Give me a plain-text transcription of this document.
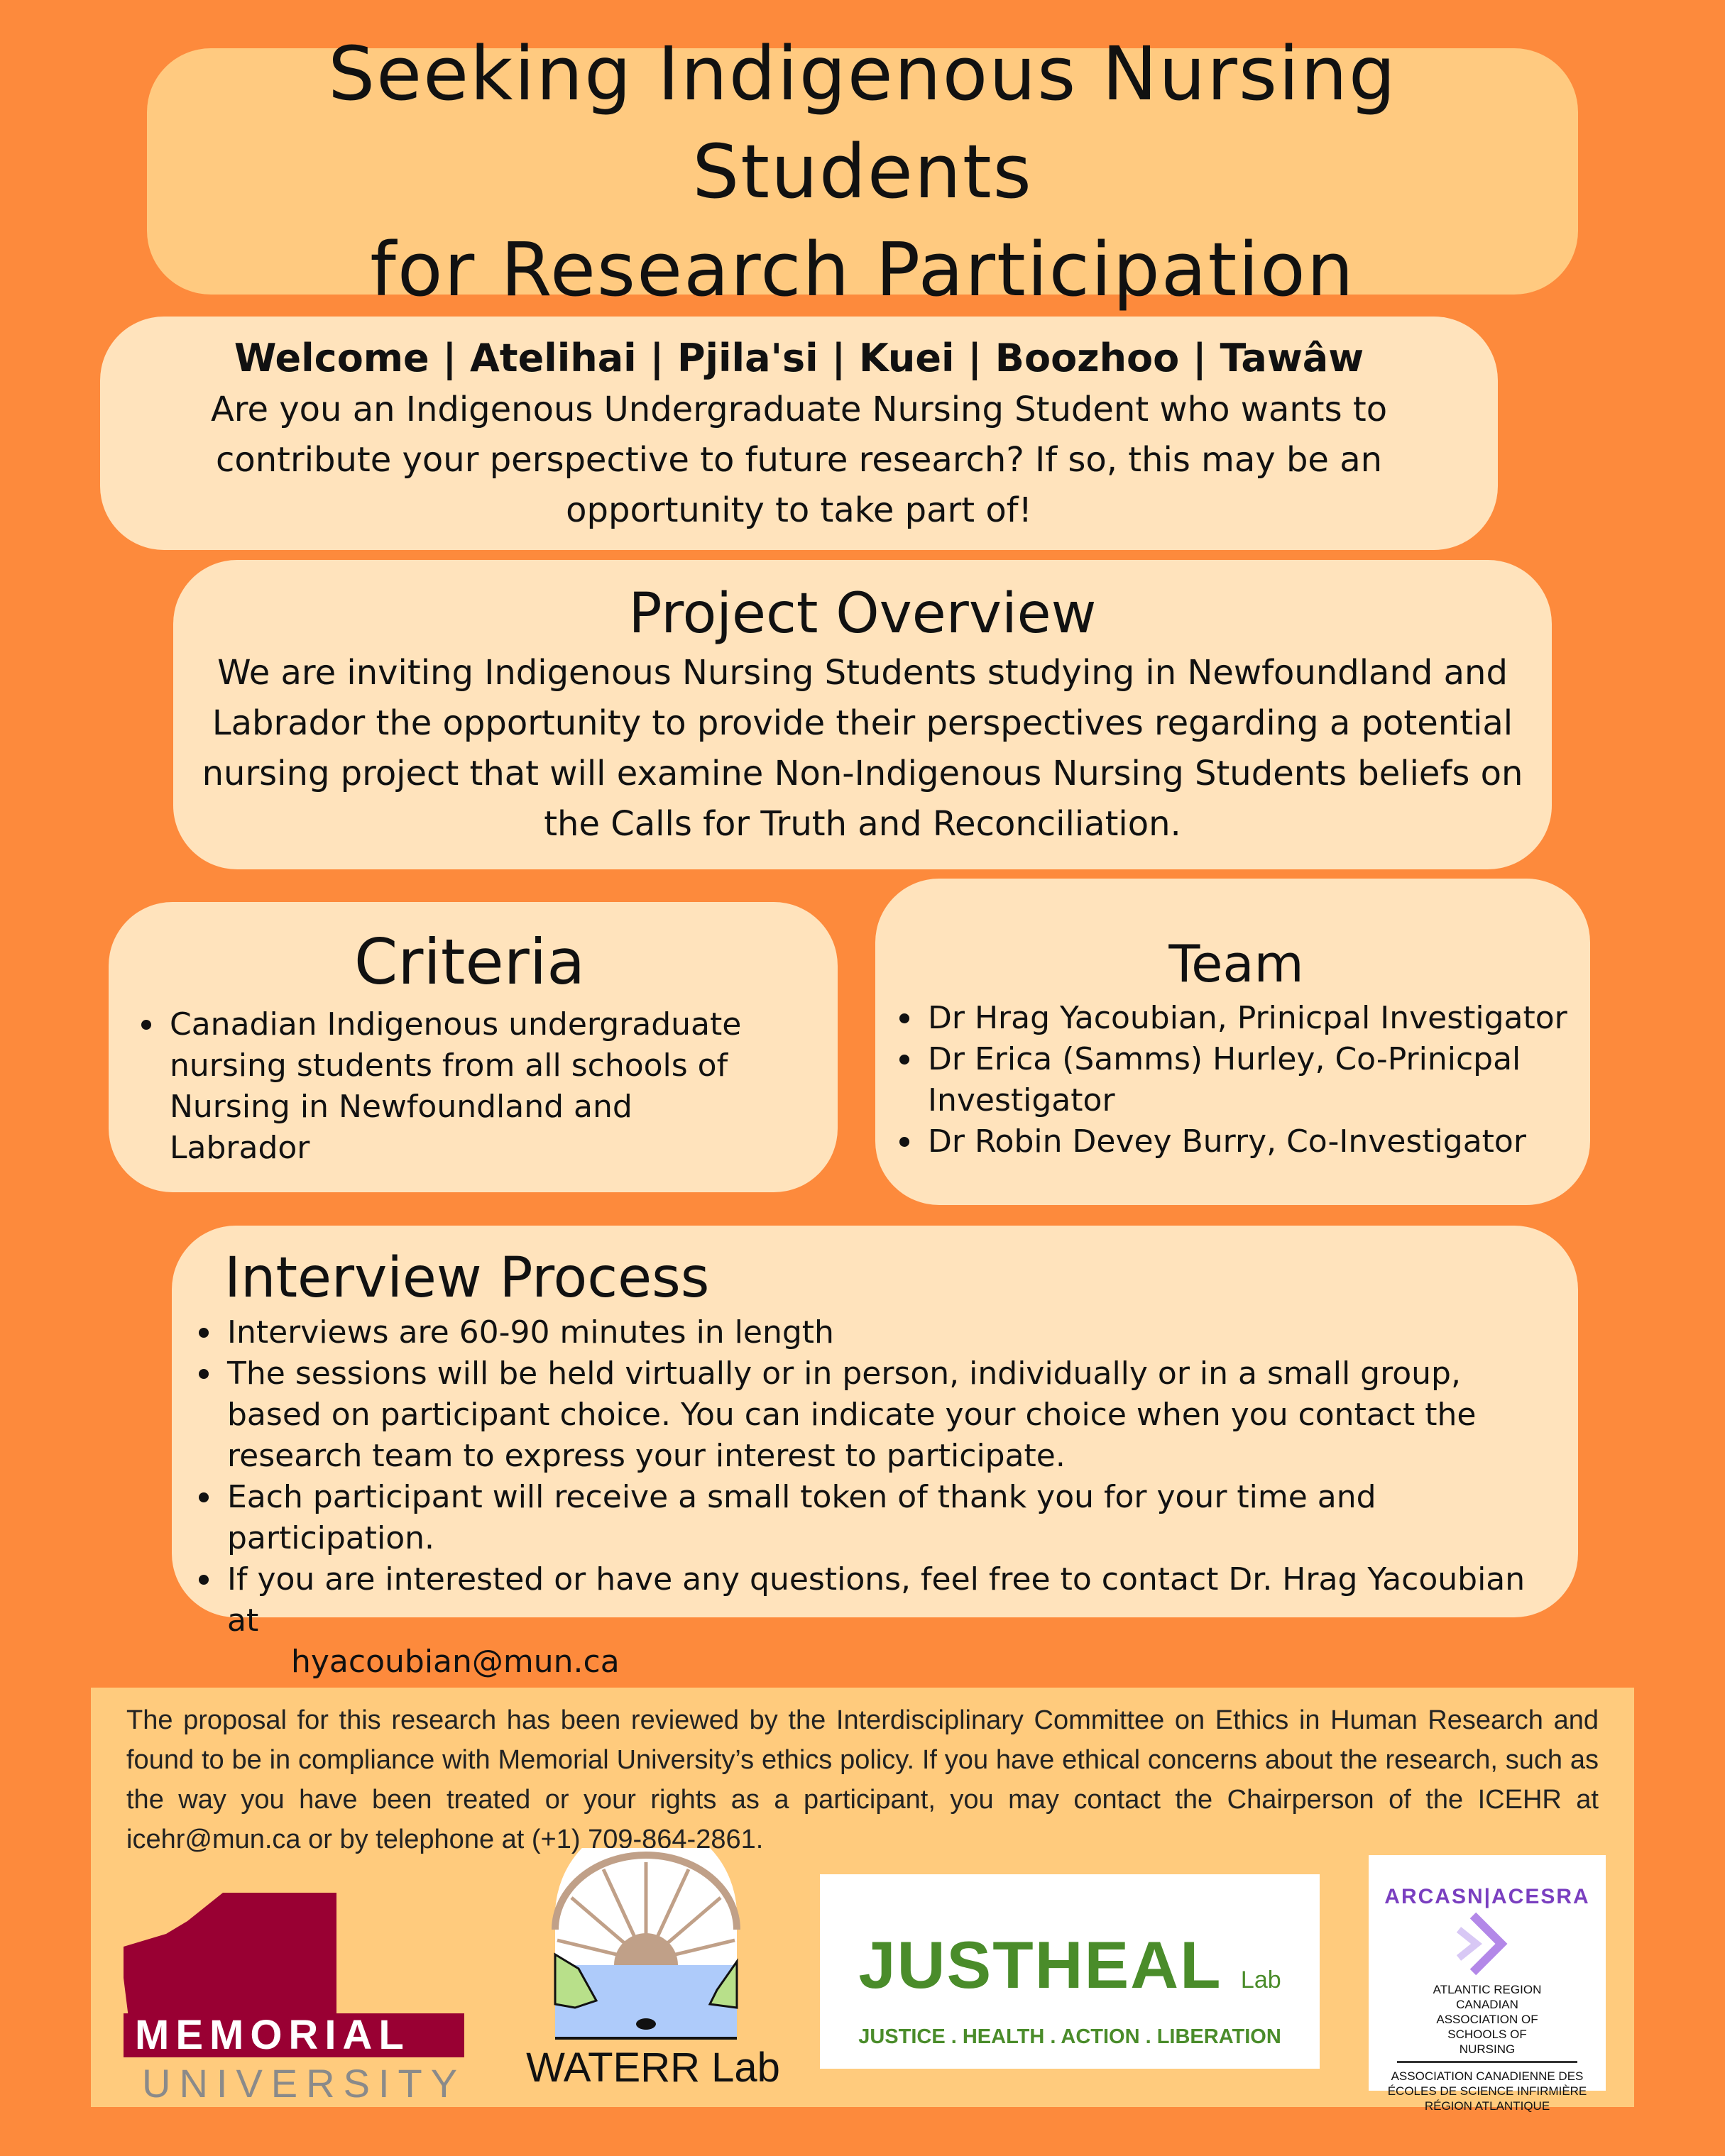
Seeking Indigenous Nursing Students
for Research Participation
Welcome | Atelihai | Pjila'si | Kuei | Boozhoo | Tawâw
Are you an Indigenous Undergraduate Nursing Student who wants to contribute your perspective to future research? If so, this may be an opportunity to take part of!
Project Overview
We are inviting Indigenous Nursing Students studying in Newfoundland and Labrador the opportunity to provide their perspectives regarding a potential nursing project that will examine Non-Indigenous Nursing Students beliefs on the Calls for Truth and Reconciliation.
Criteria
Canadian Indigenous undergraduate nursing students from all schools of Nursing in Newfoundland and Labrador
Team
Dr Hrag Yacoubian, Prinicpal Investigator
Dr Erica (Samms) Hurley, Co-Prinicpal Investigator
Dr Robin Devey Burry, Co-Investigator
Interview Process
Interviews are 60-90 minutes in length
The sessions will be held virtually or in person, individually or in a small group, based on participant choice. You can indicate your choice when you contact the research team to express your interest to participate.
Each participant will receive a small token of thank you for your time and participation.
If you are interested or have any questions, feel free to contact Dr. Hrag Yacoubian at
hyacoubian@mun.ca
The proposal for this research has been reviewed by the Interdisciplinary Committee on Ethics in Human Research and found to be in compliance with Memorial University’s ethics policy. If you have ethical concerns about the research, such as the way you have been treated or your rights as a participant, you may contact the Chairperson of the ICEHR at icehr@mun.ca or by telephone at (+1) 709-864-2861.
MEMORIAL
UNIVERSITY WATERR Lab
JUSTHEAL Lab
JUSTICE . HEALTH . ACTION . LIBERATION
ARCASN|ACESRA
ATLANTIC REGION CANADIAN ASSOCIATION OF SCHOOLS OF NURSING
ASSOCIATION CANADIENNE DES ÉCOLES DE SCIENCE INFIRMIÈRE RÉGION ATLANTIQUE
